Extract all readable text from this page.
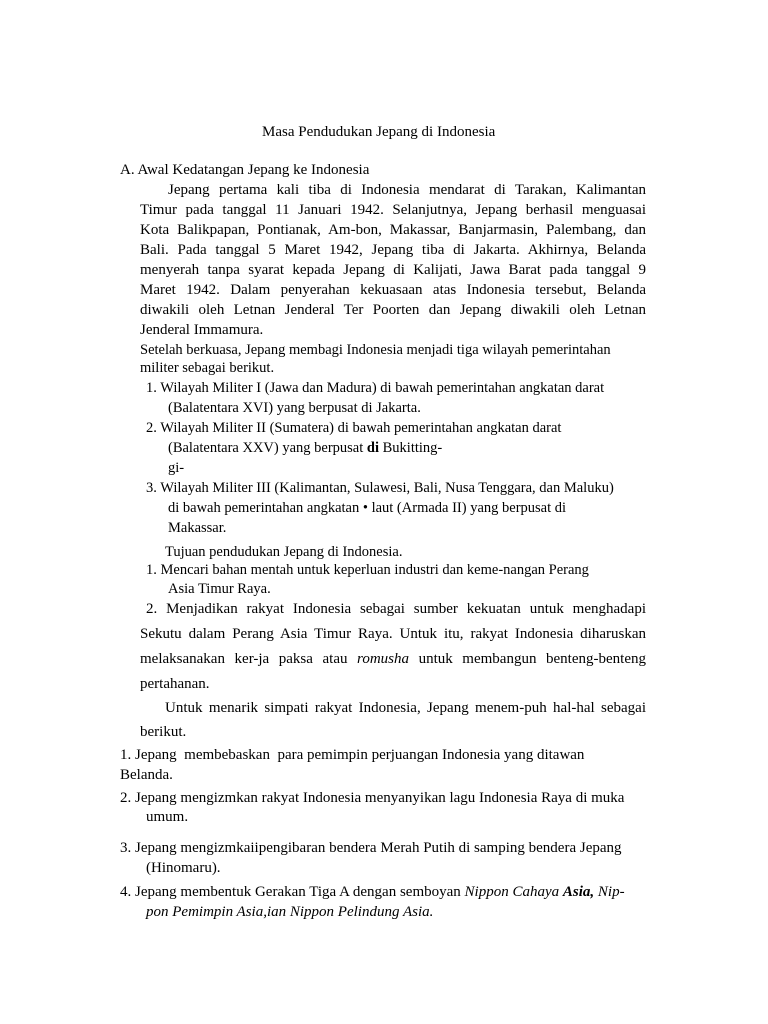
Masa Pendudukan Jepang di Indonesia
A. Awal Kedatangan Jepang ke Indonesia
Jepang pertama kali tiba di Indonesia mendarat di Tarakan, Kalimantan
Timur pada tanggal 11 Januari 1942. Selanjutnya, Jepang berhasil menguasai
Kota Balikpapan, Pontianak, Am-bon, Makassar, Banjarmasin, Palembang, dan
Bali. Pada tanggal 5 Maret 1942, Jepang tiba di Jakarta. Akhirnya, Belanda
menyerah tanpa syarat kepada Jepang di Kalijati, Jawa Barat pada tanggal 9
Maret 1942. Dalam penyerahan kekuasaan atas Indonesia tersebut, Belanda
diwakili oleh Letnan Jenderal Ter Poorten dan Jepang diwakili oleh Letnan
Jenderal Immamura.
Setelah berkuasa, Jepang membagi Indonesia menjadi tiga wilayah pemerintahan
militer sebagai berikut.
1. Wilayah Militer I (Jawa dan Madura) di bawah pemerintahan angkatan darat
(Balatentara XVI) yang berpusat di Jakarta.
2. Wilayah Militer II (Sumatera) di bawah pemerintahan angkatan darat
(Balatentara XXV) yang berpusat di Bukitting-
gi-
3. Wilayah Militer III (Kalimantan, Sulawesi, Bali, Nusa Tenggara, dan Maluku)
di bawah pemerintahan angkatan • laut (Armada II) yang berpusat di
Makassar.
Tujuan pendudukan Jepang di Indonesia.
1. Mencari bahan mentah untuk keperluan industri dan keme-nangan Perang
Asia Timur Raya.
2. Menjadikan rakyat Indonesia sebagai sumber kekuatan untuk menghadapi
Sekutu dalam Perang Asia Timur Raya. Untuk itu, rakyat Indonesia diharuskan
melaksanakan ker-ja paksa atau romusha untuk membangun benteng-benteng
pertahanan.
Untuk menarik simpati rakyat Indonesia, Jepang menem-puh hal-hal sebagai
berikut.
1. Jepang  membebaskan  para pemimpin perjuangan Indonesia yang ditawan
Belanda.
2. Jepang mengizmkan rakyat Indonesia menyanyikan lagu Indonesia Raya di muka
umum.
3. Jepang mengizmkaiipengibaran bendera Merah Putih di samping bendera Jepang
(Hinomaru).
4. Jepang membentuk Gerakan Tiga A dengan semboyan Nippon Cahaya Asia, Nip-
pon Pemimpin Asia,ian Nippon Pelindung Asia.
